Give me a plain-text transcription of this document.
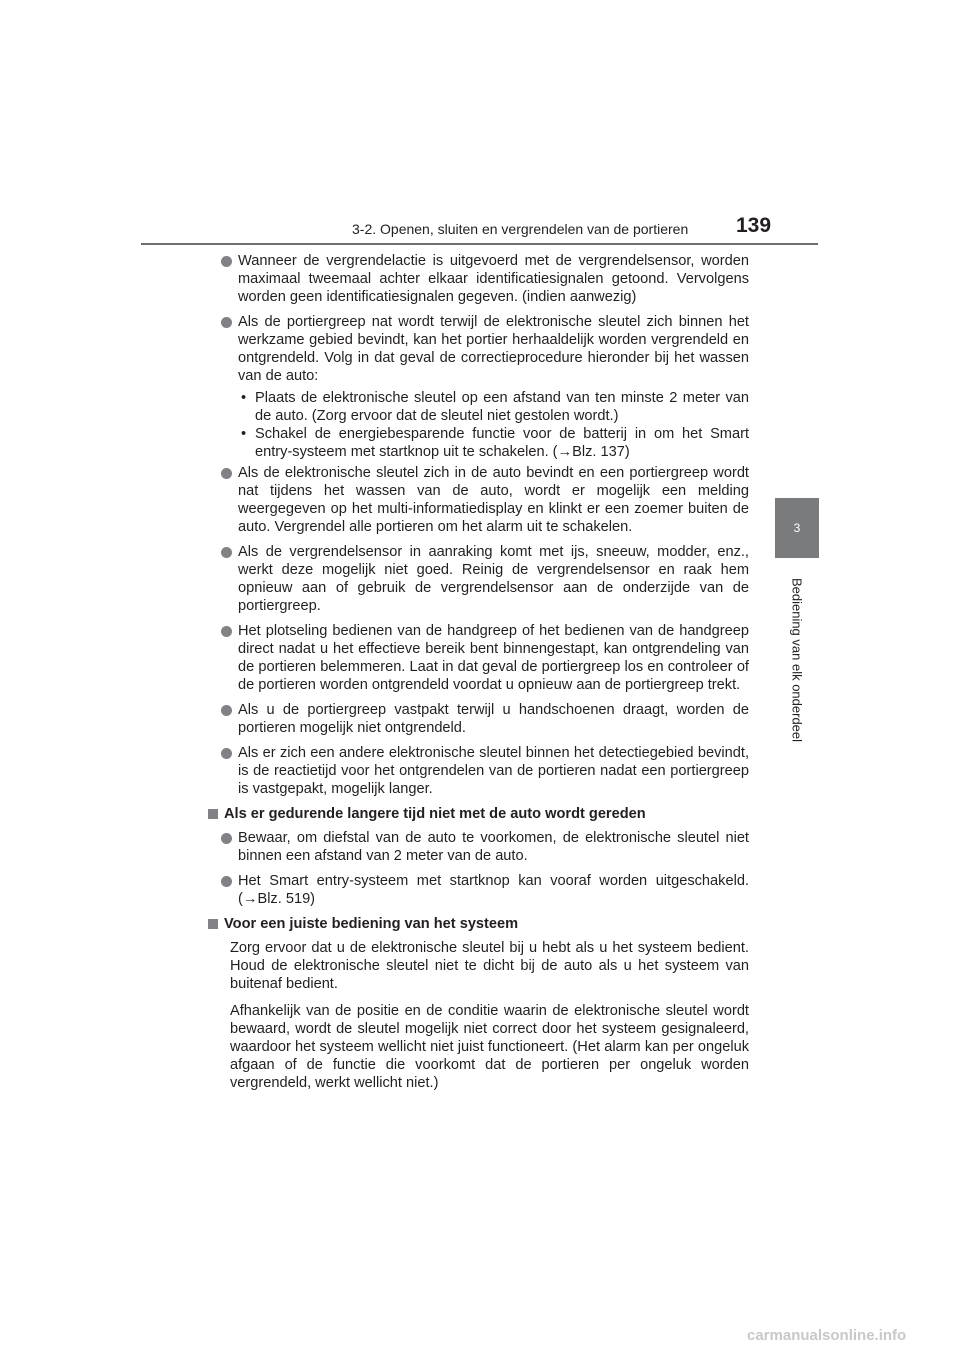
3-2. Openen, sluiten en vergrendelen van de portieren	139
3
Bediening van elk onderdeel
Wanneer de vergrendelactie is uitgevoerd met de vergrendelsensor, worden maximaal tweemaal achter elkaar identificatiesignalen getoond. Vervolgens worden geen identificatiesignalen gegeven. (indien aanwezig)
Als de portiergreep nat wordt terwijl de elektronische sleutel zich binnen het werkzame gebied bevindt, kan het portier herhaaldelijk worden vergrendeld en ontgrendeld. Volg in dat geval de correctieprocedure hieronder bij het wassen van de auto:
• Plaats de elektronische sleutel op een afstand van ten minste 2 meter van de auto. (Zorg ervoor dat de sleutel niet gestolen wordt.)
• Schakel de energiebesparende functie voor de batterij in om het Smart entry-systeem met startknop uit te schakelen. (→Blz. 137)
Als de elektronische sleutel zich in de auto bevindt en een portiergreep wordt nat tijdens het wassen van de auto, wordt er mogelijk een melding weergegeven op het multi-informatiedisplay en klinkt er een zoemer buiten de auto. Vergrendel alle portieren om het alarm uit te schakelen.
Als de vergrendelsensor in aanraking komt met ijs, sneeuw, modder, enz., werkt deze mogelijk niet goed. Reinig de vergrendelsensor en raak hem opnieuw aan of gebruik de vergrendelsensor aan de onderzijde van de portiergreep.
Het plotseling bedienen van de handgreep of het bedienen van de handgreep direct nadat u het effectieve bereik bent binnengestapt, kan ontgrendeling van de portieren belemmeren. Laat in dat geval de portiergreep los en controleer of de portieren worden ontgrendeld voordat u opnieuw aan de portiergreep trekt.
Als u de portiergreep vastpakt terwijl u handschoenen draagt, worden de portieren mogelijk niet ontgrendeld.
Als er zich een andere elektronische sleutel binnen het detectiegebied bevindt, is de reactietijd voor het ontgrendelen van de portieren nadat een portiergreep is vastgepakt, mogelijk langer.
Als er gedurende langere tijd niet met de auto wordt gereden
Bewaar, om diefstal van de auto te voorkomen, de elektronische sleutel niet binnen een afstand van 2 meter van de auto.
Het Smart entry-systeem met startknop kan vooraf worden uitgeschakeld. (→Blz. 519)
Voor een juiste bediening van het systeem
Zorg ervoor dat u de elektronische sleutel bij u hebt als u het systeem bedient. Houd de elektronische sleutel niet te dicht bij de auto als u het systeem van buitenaf bedient.
Afhankelijk van de positie en de conditie waarin de elektronische sleutel wordt bewaard, wordt de sleutel mogelijk niet correct door het systeem gesignaleerd, waardoor het systeem wellicht niet juist functioneert. (Het alarm kan per ongeluk afgaan of de functie die voorkomt dat de portieren per ongeluk worden vergrendeld, werkt wellicht niet.)
carmanualsonline.info
